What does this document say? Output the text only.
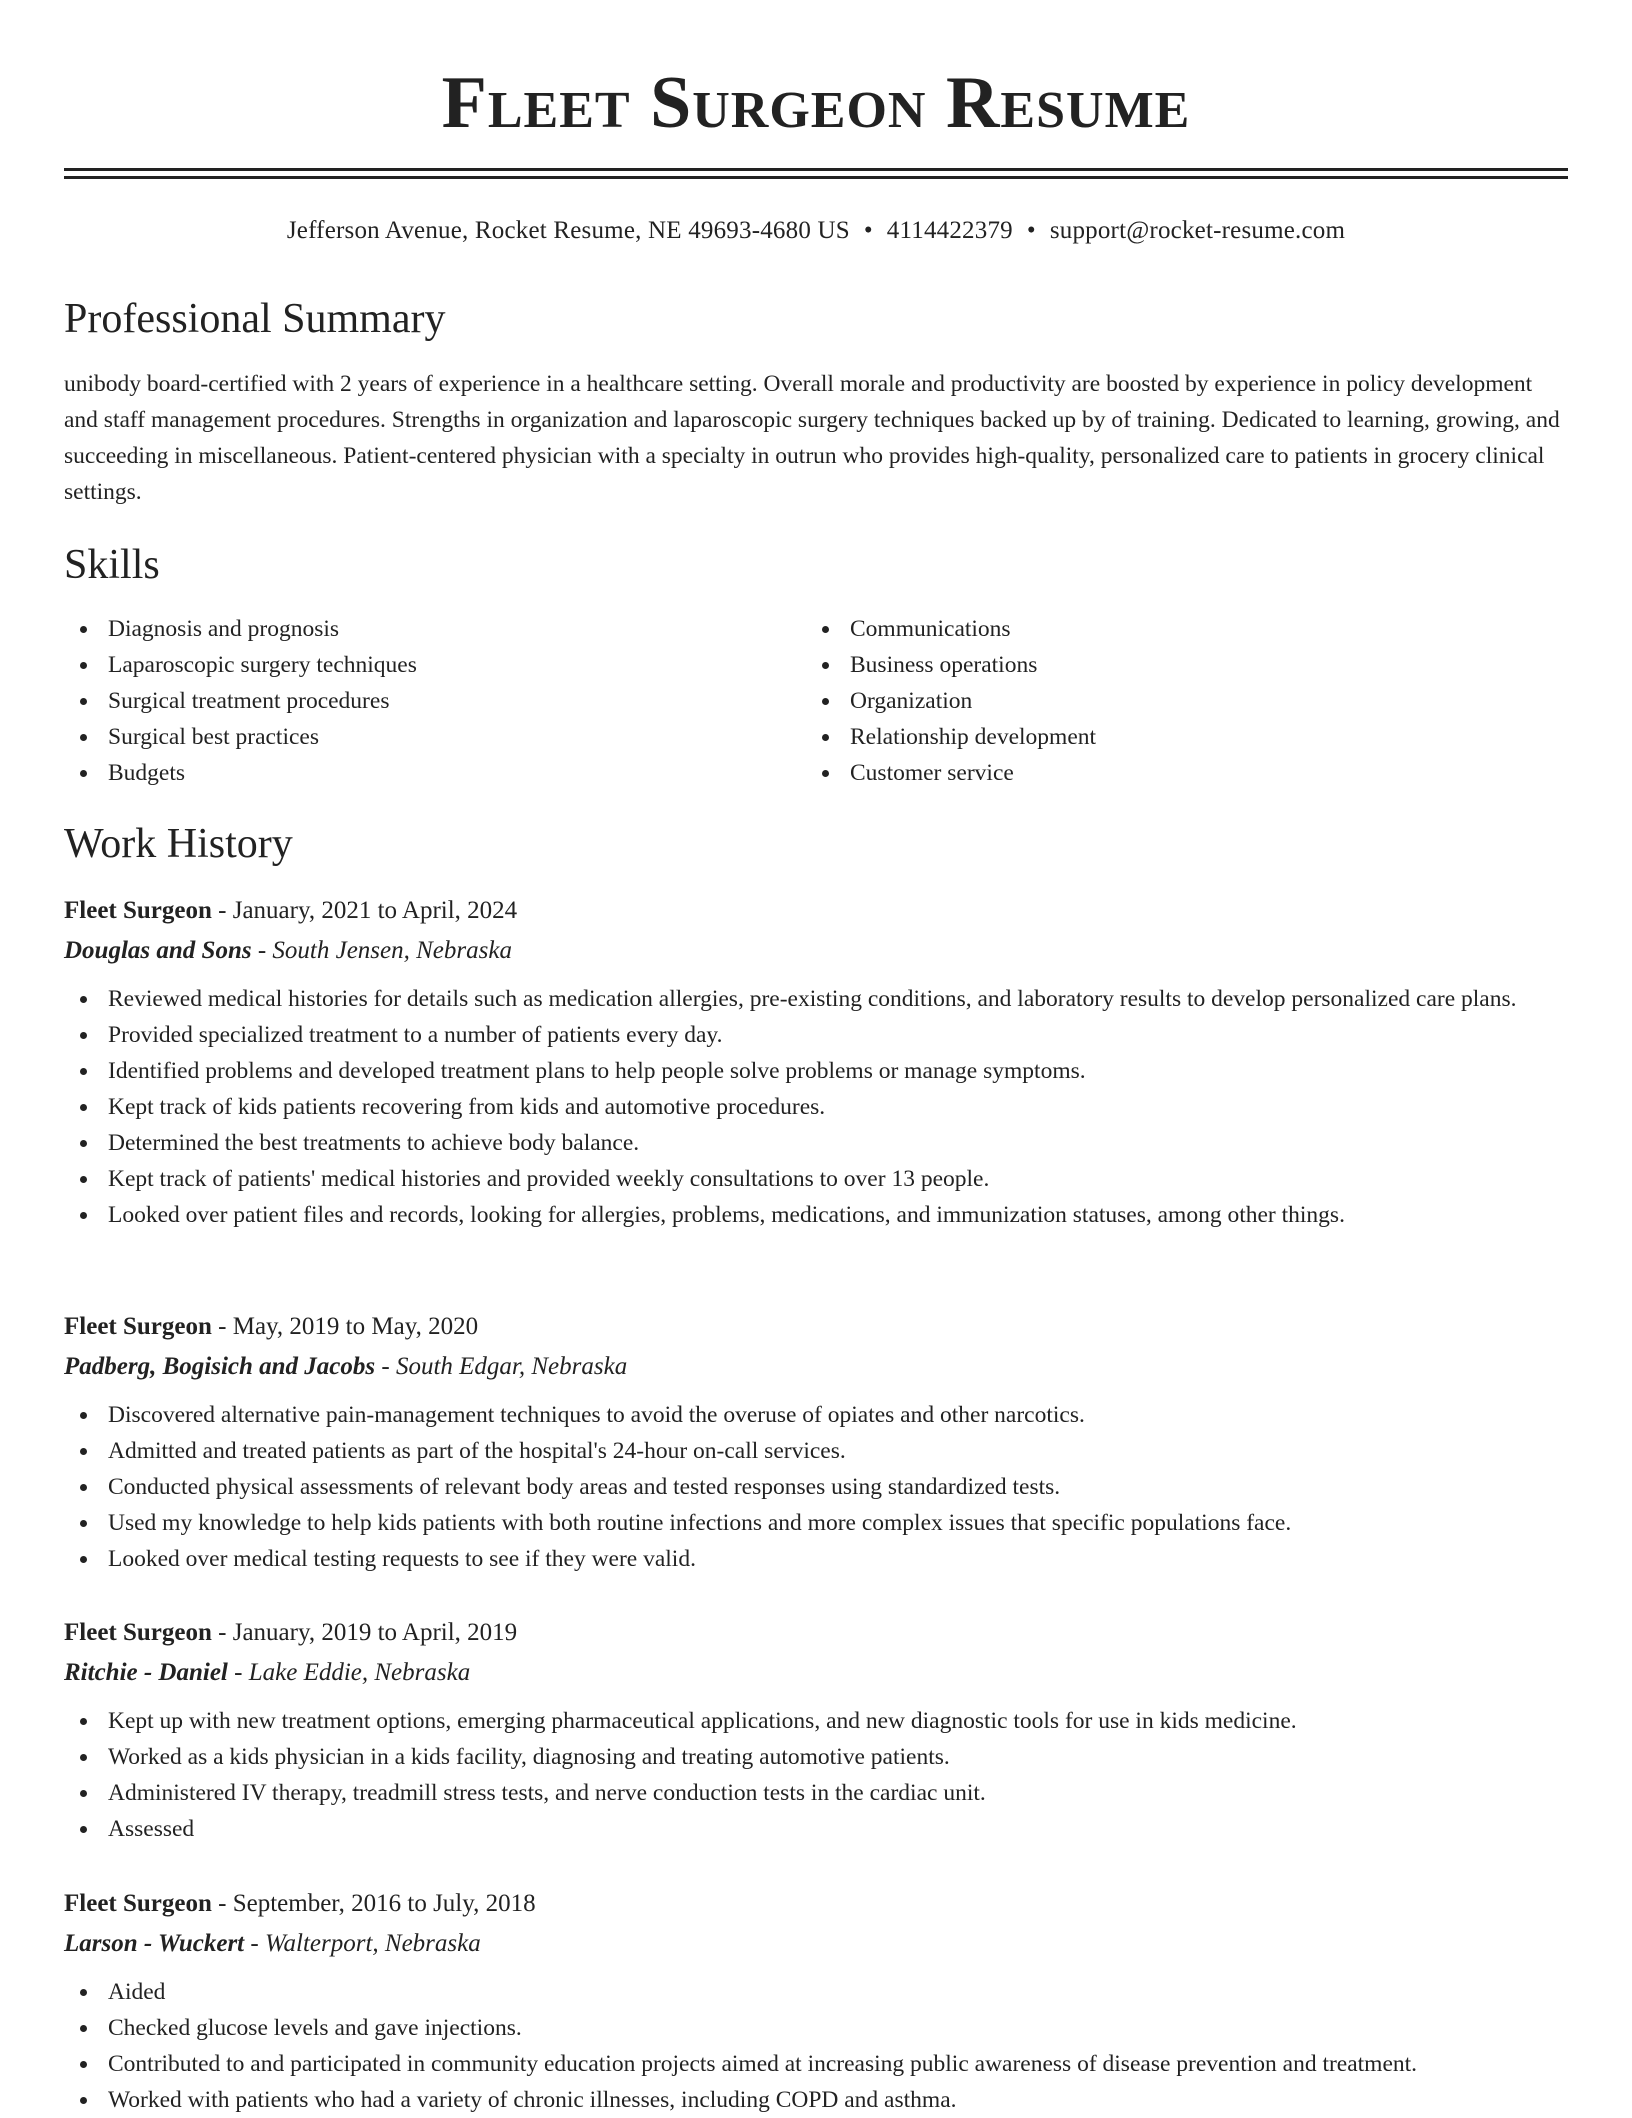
Fleet Surgeon Resume
Jefferson Avenue, Rocket Resume, NE 49693-4680 US • 4114422379 • support@rocket-resume.com
Professional Summary

unibody board-certified with 2 years of experience in a healthcare setting. Overall morale and productivity are boosted by experience in policy development and staff management procedures. Strengths in organization and laparoscopic surgery techniques backed up by of training. Dedicated to learning, growing, and succeeding in miscellaneous. Patient-centered physician with a specialty in outrun who provides high-quality, personalized care to patients in grocery clinical settings.

Skills
Diagnosis and prognosis
Laparoscopic surgery techniques
Surgical treatment procedures
Surgical best practices
Budgets
Communications
Business operations
Organization
Relationship development
Customer service
Work History
Fleet Surgeon - January, 2021 to April, 2024
Douglas and Sons - South Jensen, Nebraska
Reviewed medical histories for details such as medication allergies, pre-existing conditions, and laboratory results to develop personalized care plans.
Provided specialized treatment to a number of patients every day.
Identified problems and developed treatment plans to help people solve problems or manage symptoms.
Kept track of kids patients recovering from kids and automotive procedures.
Determined the best treatments to achieve body balance.
Kept track of patients' medical histories and provided weekly consultations to over 13 people.
Looked over patient files and records, looking for allergies, problems, medications, and immunization statuses, among other things.
Fleet Surgeon - May, 2019 to May, 2020
Padberg, Bogisich and Jacobs - South Edgar, Nebraska
Discovered alternative pain-management techniques to avoid the overuse of opiates and other narcotics.
Admitted and treated patients as part of the hospital's 24-hour on-call services.
Conducted physical assessments of relevant body areas and tested responses using standardized tests.
Used my knowledge to help kids patients with both routine infections and more complex issues that specific populations face.
Looked over medical testing requests to see if they were valid.
Fleet Surgeon - January, 2019 to April, 2019
Ritchie - Daniel - Lake Eddie, Nebraska
Kept up with new treatment options, emerging pharmaceutical applications, and new diagnostic tools for use in kids medicine.
Worked as a kids physician in a kids facility, diagnosing and treating automotive patients.
Administered IV therapy, treadmill stress tests, and nerve conduction tests in the cardiac unit.
Assessed
Fleet Surgeon - September, 2016 to July, 2018
Larson - Wuckert - Walterport, Nebraska
Aided
Checked glucose levels and gave injections.
Contributed to and participated in community education projects aimed at increasing public awareness of disease prevention and treatment.
Worked with patients who had a variety of chronic illnesses, including COPD and asthma.
